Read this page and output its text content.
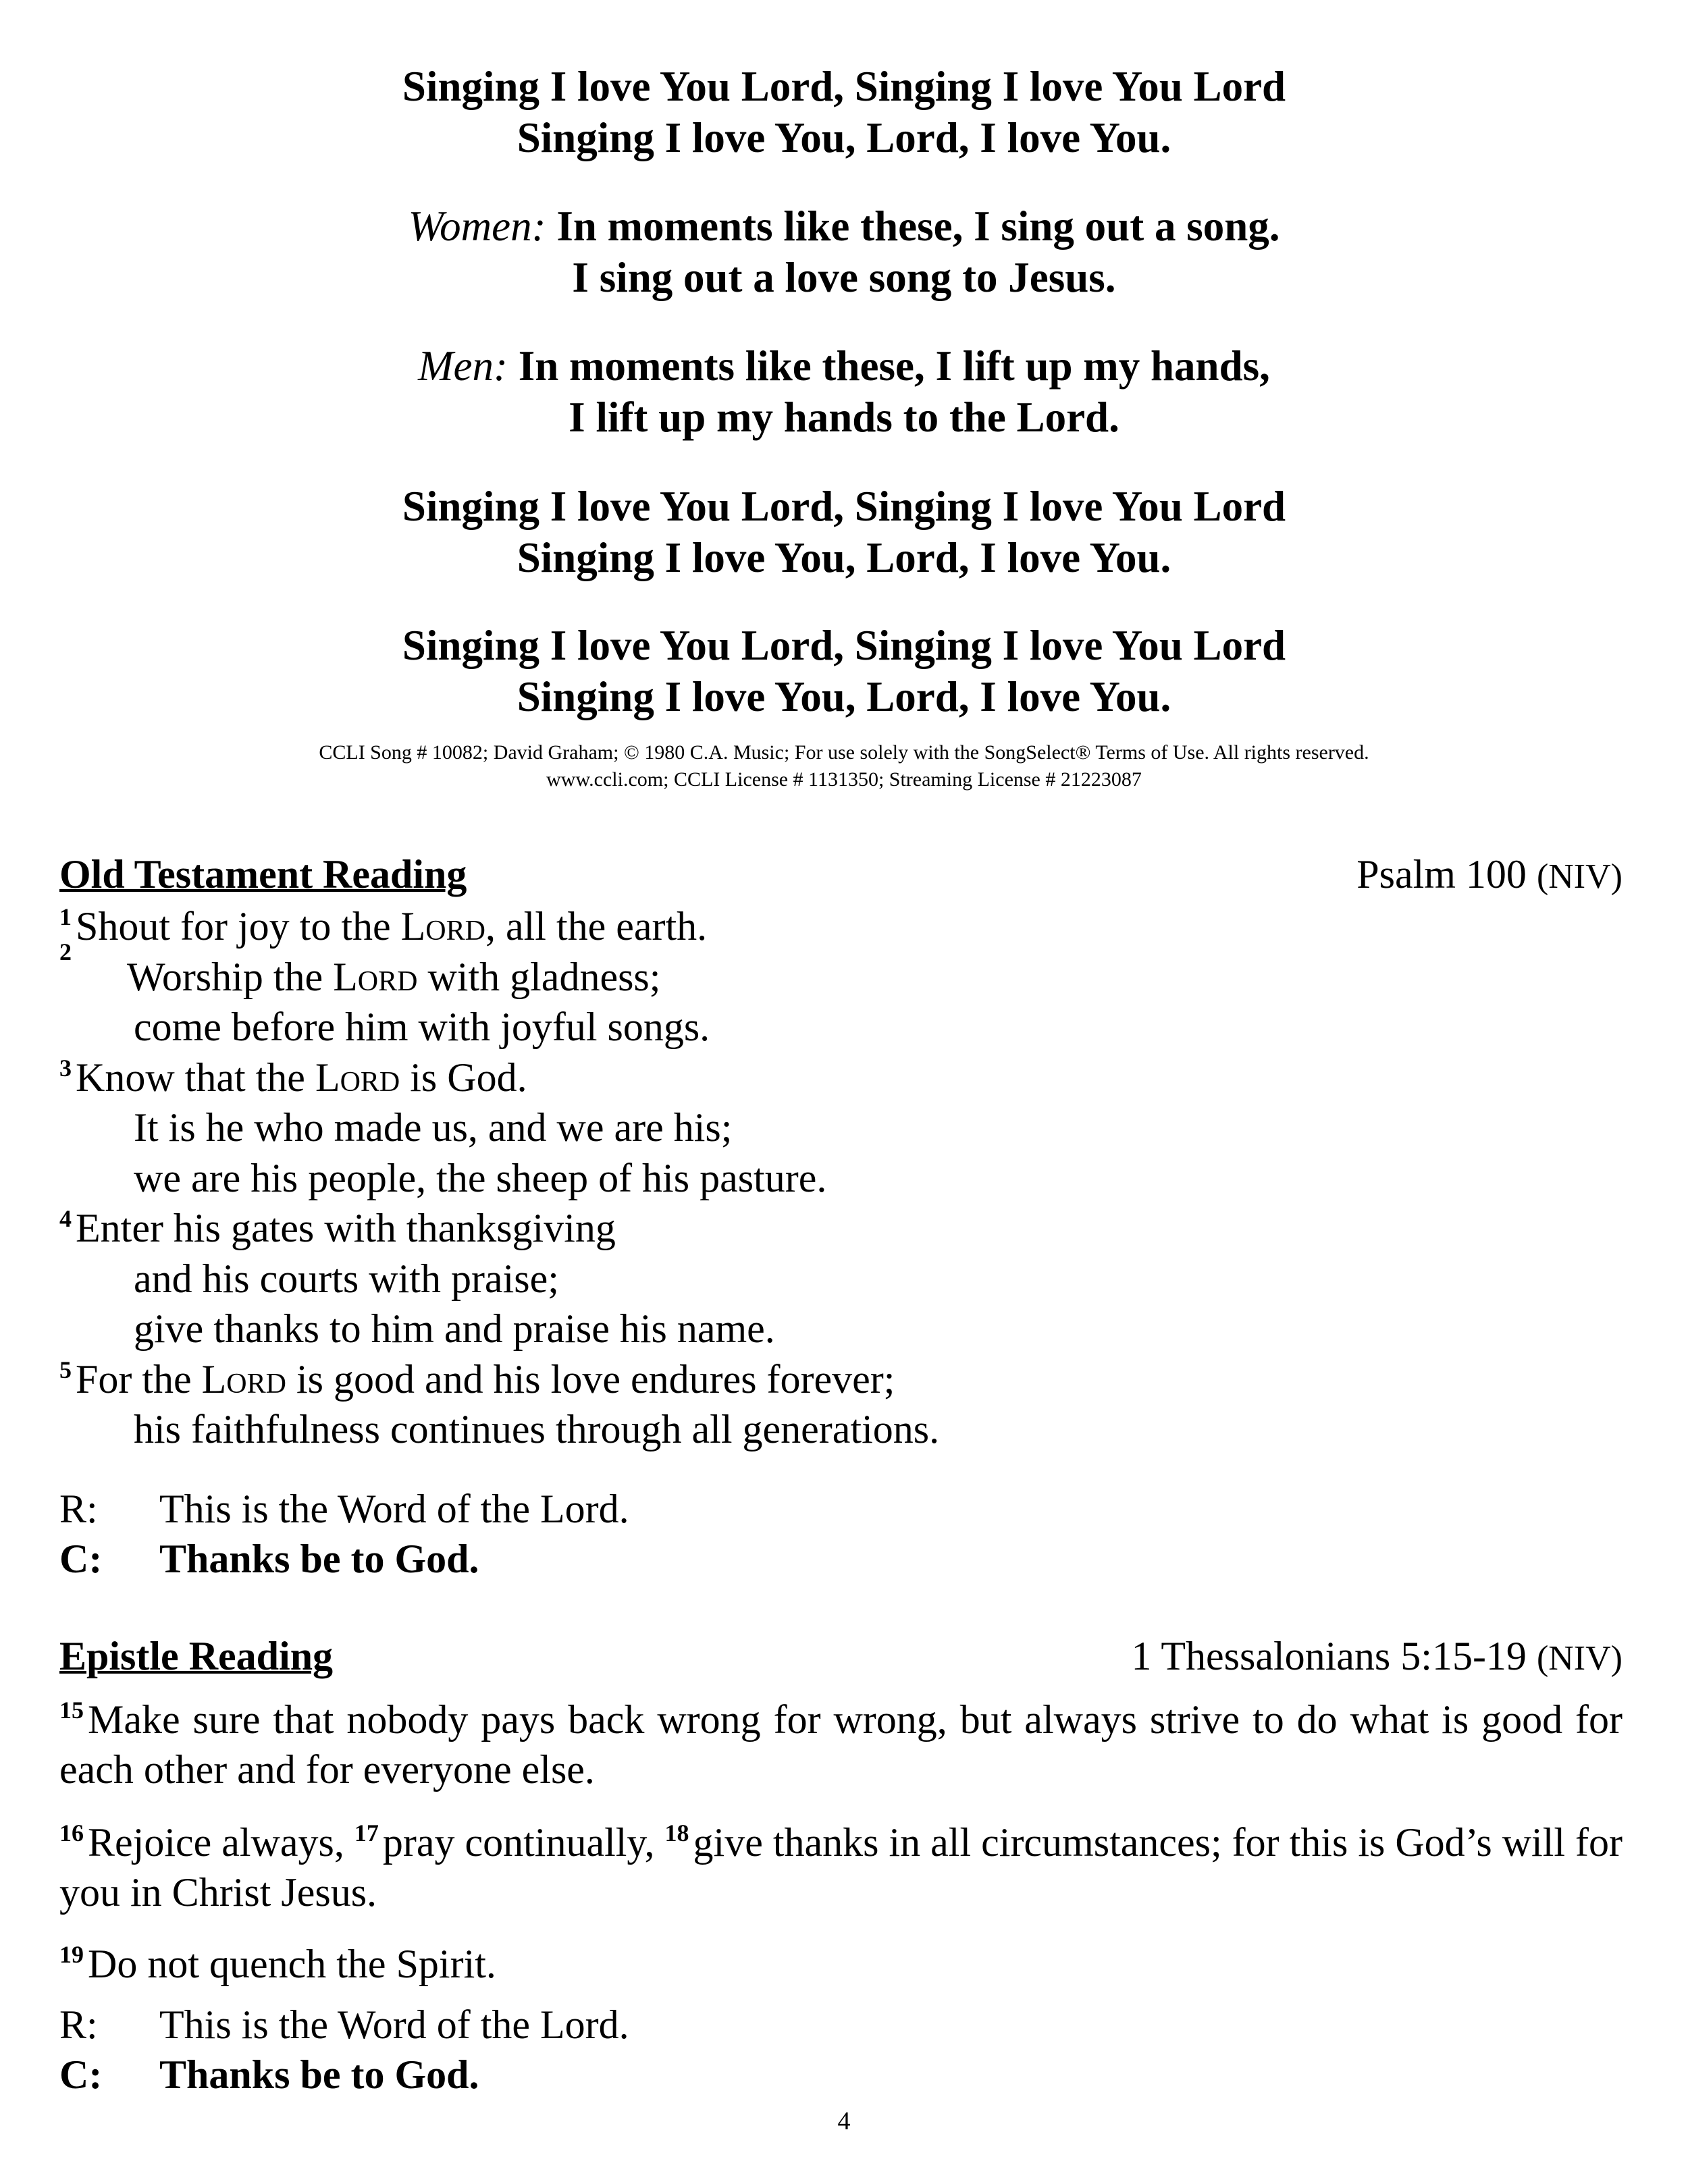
Singing I love You Lord, Singing I love You Lord
Singing I love You, Lord, I love You.
Women: In moments like these, I sing out a song.
I sing out a love song to Jesus.
Men: In moments like these, I lift up my hands,
I lift up my hands to the Lord.
Singing I love You Lord, Singing I love You Lord
Singing I love You, Lord, I love You.
Singing I love You Lord, Singing I love You Lord
Singing I love You, Lord, I love You.
CCLI Song # 10082; David Graham; © 1980 C.A. Music; For use solely with the SongSelect® Terms of Use. All rights reserved.
www.ccli.com; CCLI License # 1131350; Streaming License # 21223087
Old Testament Reading	Psalm 100 (NIV)
$^1$ Shout for joy to the Lord, all the earth.
2
Worship the Lord with gladness;
come before him with joyful songs.
$^3$ Know that the Lord is God.
It is he who made us, and we are his;
we are his people, the sheep of his pasture.
$^4$ Enter his gates with thanksgiving
and his courts with praise;
give thanks to him and praise his name.
$^5$ For the Lord is good and his love endures forever;
his faithfulness continues through all generations.
R: This is the Word of the Lord.
C: Thanks be to God.
Epistle Reading	1 Thessalonians 5:15-19 (NIV)
$^{15}$ Make sure that nobody pays back wrong for wrong, but always strive to do what is good for each other and for everyone else.
$^{16}$ Rejoice always, $^{17}$ pray continually, $^{18}$ give thanks in all circumstances; for this is God’s will for you in Christ Jesus.
$^{19}$ Do not quench the Spirit.
R: This is the Word of the Lord.
C: Thanks be to God.
4
